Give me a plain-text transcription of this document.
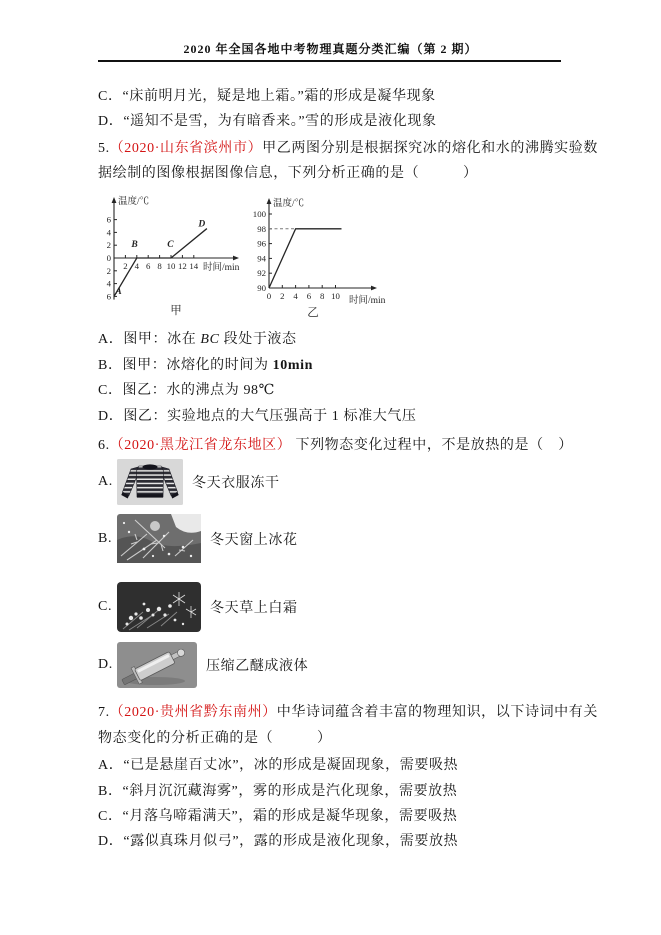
2020 年全国各地中考物理真题分类汇编（第 2 期）
C．“床前明月光，疑是地上霜。”霜的形成是凝华现象
D．“遥知不是雪，为有暗香来。”雪的形成是液化现象
5.（2020·山东省滨州市）甲乙两图分别是根据探究冰的熔化和水的沸腾实验数
据绘制的图像根据图像信息，下列分析正确的是（　　　）
2 4 6 8 10 12 14
6
4
2
0
2
4
6 A
B	C
D
温度/℃
时间/min
甲
0 2 4 6 8 10
100
98
96
94
92
90
温度/℃
时间/min
乙
A．图甲：冰在 BC 段处于液态
B．图甲：冰熔化的时间为 10min
C．图乙：水的沸点为 98℃
D．图乙：实验地点的大气压强高于 1 标准大气压
6.（2020·黑龙江省龙东地区） 下列物态变化过程中，不是放热的是（　）
A.	冬天衣服冻干
B.	冬天窗上冰花
C.	冬天草上白霜
D.	压缩乙醚成液体
7.（2020·贵州省黔东南州）中华诗词蕴含着丰富的物理知识，以下诗词中有关
物态变化的分析正确的是（　　　）
A．“已是悬崖百丈冰”，冰的形成是凝固现象，需要吸热
B．“斜月沉沉藏海雾”，雾的形成是汽化现象，需要放热
C．“月落乌啼霜满天”，霜的形成是凝华现象，需要吸热
D．“露似真珠月似弓”，露的形成是液化现象，需要放热
